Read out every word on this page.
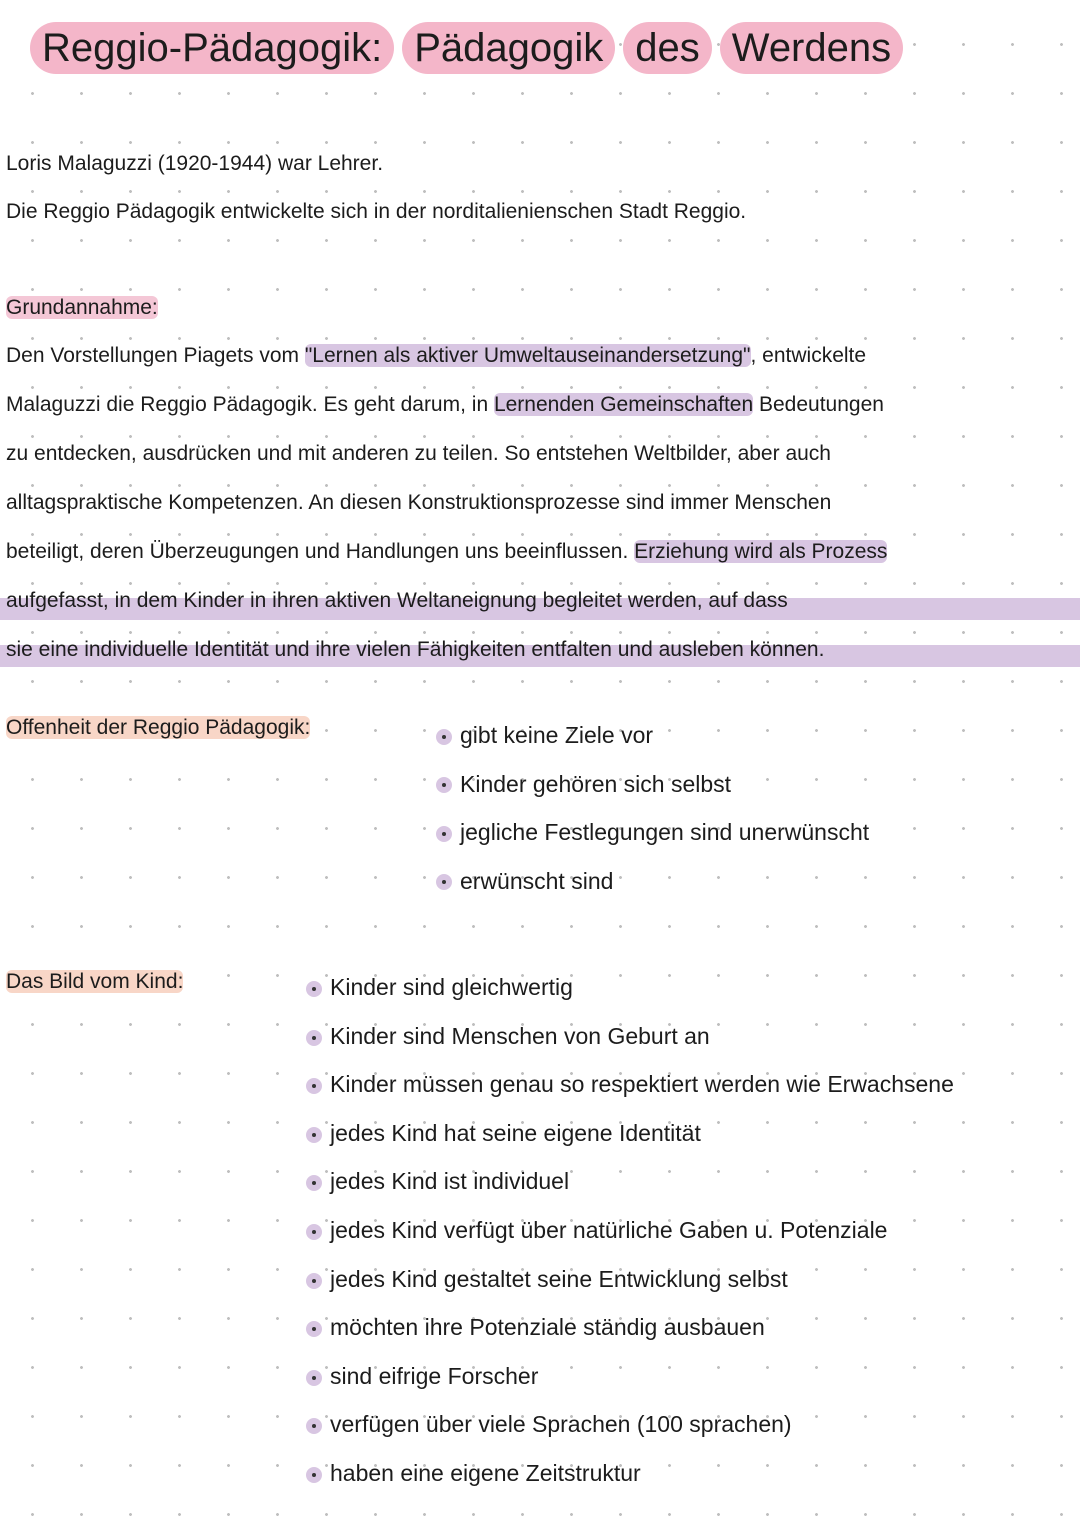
Reggio-Pädagogik: Pädagogik des Werdens
Loris Malaguzzi (1920-1944) war Lehrer.
Die Reggio Pädagogik entwickelte sich in der norditalienienschen Stadt Reggio.
Grundannahme:
Den Vorstellungen Piagets vom "Lernen als aktiver Umweltauseinandersetzung", entwickelte
Malaguzzi die Reggio Pädagogik. Es geht darum, in Lernenden Gemeinschaften Bedeutungen
zu entdecken, ausdrücken und mit anderen zu teilen. So entstehen Weltbilder, aber auch
alltagspraktische Kompetenzen. An diesen Konstruktionsprozesse sind immer Menschen
beteiligt, deren Überzeugungen und Handlungen uns beeinflussen. Erziehung wird als Prozess
aufgefasst, in dem Kinder in ihren aktiven Weltaneignung begleitet werden, auf dass
sie eine individuelle Identität und ihre vielen Fähigkeiten entfalten und ausleben können.
Offenheit der Reggio Pädagogik:	gibt keine Ziele vor
Kinder gehören sich selbst
jegliche Festlegungen sind unerwünscht
erwünscht sind
Das Bild vom Kind:	Kinder sind gleichwertig
Kinder sind Menschen von Geburt an
Kinder müssen genau so respektiert werden wie Erwachsene
jedes Kind hat seine eigene Identität
jedes Kind ist individuel
jedes Kind verfügt über natürliche Gaben u. Potenziale
jedes Kind gestaltet seine Entwicklung selbst
möchten ihre Potenziale ständig ausbauen
sind eifrige Forscher
verfügen über viele Sprachen (100 sprachen)
haben eine eigene Zeitstruktur
